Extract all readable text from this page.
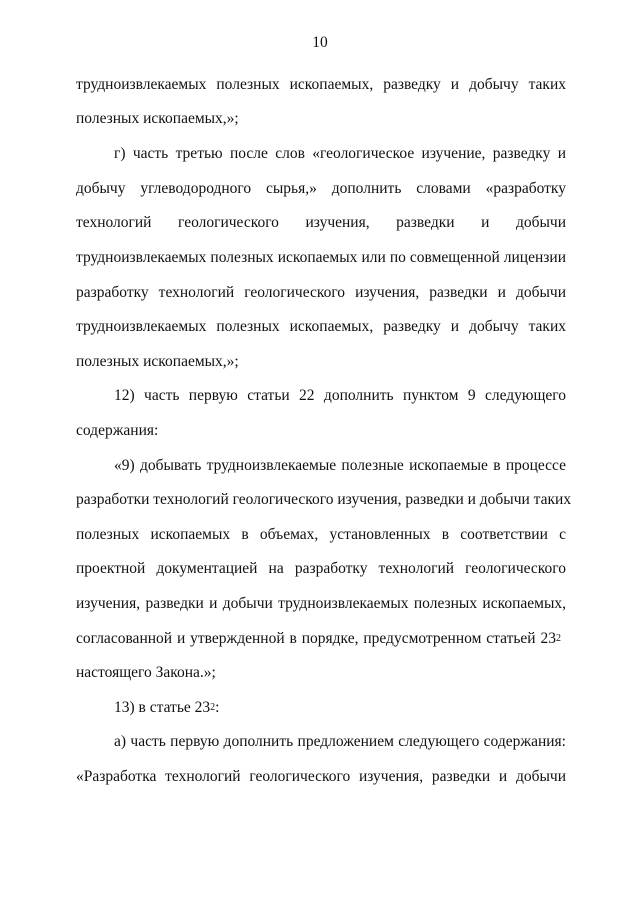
10
трудноизвлекаемых полезных ископаемых, разведку и добычу таких
полезных ископаемых,»;
г) часть третью после слов «геологическое изучение, разведку и
добычу углеводородного сырья,» дополнить словами «разработку
технологий геологического изучения, разведки и добычи
трудноизвлекаемых полезных ископаемых или по совмещенной лицензии
разработку технологий геологического изучения, разведки и добычи
трудноизвлекаемых полезных ископаемых, разведку и добычу таких
полезных ископаемых,»;
12) часть первую статьи 22 дополнить пунктом 9 следующего
содержания:
«9) добывать трудноизвлекаемые полезные ископаемые в процессе
разработки технологий геологического изучения, разведки и добычи таких
полезных ископаемых в объемах, установленных в соответствии с
проектной документацией на разработку технологий геологического
изучения, разведки и добычи трудноизвлекаемых полезных ископаемых,
согласованной и утвержденной в порядке, предусмотренном статьей $23^2$
настоящего Закона.»;
13) в статье $23^2$:
а) часть первую дополнить предложением следующего содержания:
«Разработка технологий геологического изучения, разведки и добычи
